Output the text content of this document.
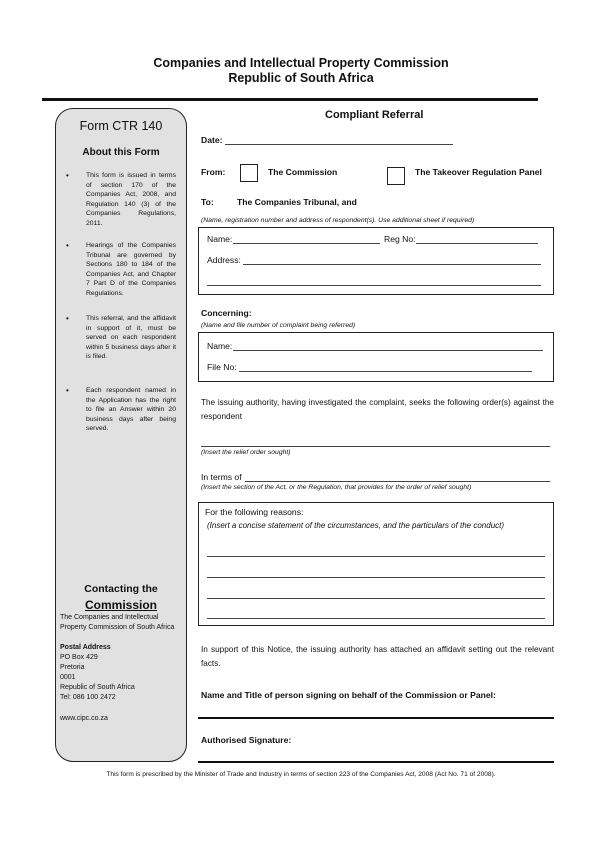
Companies and Intellectual Property Commission
Republic of South Africa
Form CTR 140
About this Form
•	This form is issued in terms of section 170 of the Companies Act, 2008, and Regulation 140 (3) of the Companies Regulations, 2011.
•	Hearings of the Companies Tribunal are governed by Sections 180 to 184 of the Companies Act, and Chapter 7 Part D of the Companies Regulations.
•	This referral, and the affidavit in support of it, must be served on each respondent within 5 business days after it is filed.
•	Each respondent named in the Application has the right to file an Answer within 20 business days after being served.
Contacting the
Commission
The Companies and Intellectual
Property Commission of South Africa
Postal Address
PO Box 429
Pretoria
0001
Republic of South Africa
Tel: 086 100 2472
www.cipc.co.za
Compliant Referral
Date:
From:	The Commission	The Takeover Regulation Panel
To:	The Companies Tribunal, and
(Name, registration number and address of respondent(s). Use additional sheet if required)
Name:	Reg No:
Address:
Concerning:
(Name and file number of complaint being referred)
Name:
File No:
The issuing authority, having investigated the complaint, seeks the following order(s) against the respondent
(Insert the relief order sought)
In terms of
(Insert the section of the Act, or the Regulation, that provides for the order of relief sought)
For the following reasons:
(Insert a concise statement of the circumstances, and the particulars of the conduct)
In support of this Notice, the issuing authority has attached an affidavit setting out the relevant facts.
Name and Title of person signing on behalf of the Commission or Panel:
Authorised Signature:
This form is prescribed by the Minister of Trade and Industry in terms of section 223 of the Companies Act, 2008 (Act No. 71 of 2008).
